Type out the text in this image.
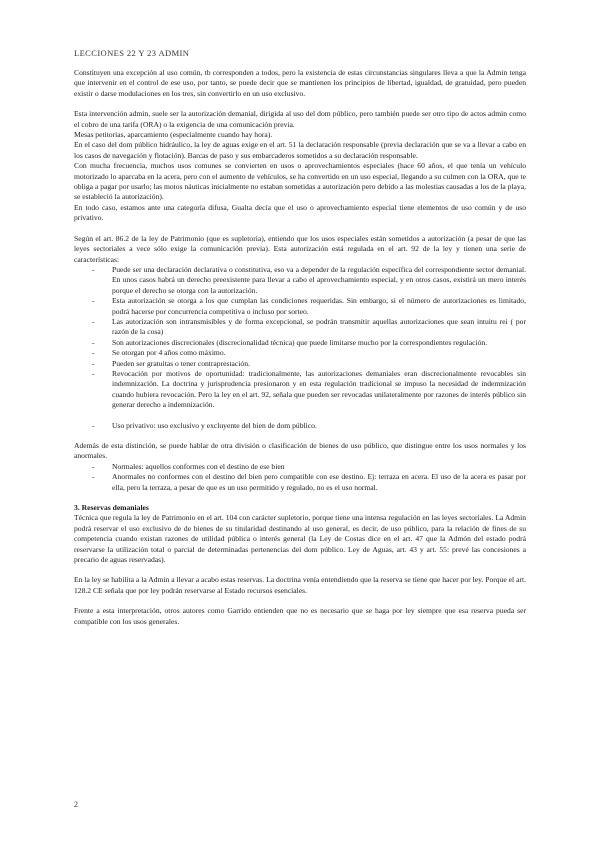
LECCIONES 22 Y 23 ADMIN

Constituyen una excepción al uso común, tb corresponden a todos, pero la existencia de estas circunstancias singulares lleva a que la Admin tenga que intervenir en el control de ese uso, por tanto, se puede decir que se mantienen los principios de libertad, igualdad, de gratuidad, pero pueden existir o darse modulaciones en los tres, sin convertirlo en un uso exclusivo.

Esta intervención admin, suele ser la autorización demanial, dirigida al uso del dom público, pero también puede ser otro tipo de actos admin como el cobro de una tarifa (ORA) o la exigencia de una comunicación previa.

Mesas petitorias, aparcamiento (especialmente cuando hay hora).

En el caso del dom público hidráulico, la ley de aguas exige en el art. 51 la declaración responsable (previa declaración que se va a llevar a cabo en los casos de navegación y flotación). Barcas de paso y sus embarcaderos sometidos a su declaración responsable.

Con mucha frecuencia, muchos usos comunes se convierten en usos o aprovechamientos especiales (hace 60 años, el que tenía un vehículo motorizado lo aparcaba en la acera, pero con el aumento de vehículos, se ha convertido en un uso especial, llegando a su culmen con la ORA, que te obliga a pagar por usarlo; las motos náuticas inicialmente no estaban sometidas a autorización pero debido a las molestias causadas a los de la playa, se estableció la autorización).

En todo caso, estamos ante una categoría difusa, Gualta decía que el uso o aprovechamiento especial tiene elementos de uso común y de uso privativo.

Según el art. 86.2 de la ley de Patrimonio (que es supletoria), entiendo que los usos especiales están sometidos a autorización (a pesar de que las leyes sectoriales a vece sólo exige la comunicación previa). Esta autorización está regulada en el art. 92 de la ley y tienen una serie de características:

- Puede ser una declaración declarativa o constitutiva, eso va a depender de la regulación específica del correspondiente sector demanial. En unos casos habrá un derecho preexistente para llevar a cabo el aprovechamiento especial, y en otros casos, existirá un mero interés porque el derecho se otorga con la autorización.
- Esta autorización se otorga a los que cumplan las condiciones requeridas. Sin embargo, si el número de autorizaciones es limitado, podrá hacerse por concurrencia competitiva o incluso por sorteo.
- Las autorización son intransmisibles y de forma excepcional, se podrán transmitir aquellas autorizaciones que sean intuitu rei ( por razón de la cosa)
- Son autorizaciones discrecionales (discrecionalidad técnica) que puede limitarse mucho por la correspondientes regulación.
- Se otorgan por 4 años como máximo.
- Pueden ser gratuitas o tener contraprestación.
- Revocación por motivos de oportunidad: tradicionalmente, las autorizaciones demaniales eran discrecionalmente revocables sin indemnización. La doctrina y jurisprudencia presionaron y en esta regulación tradicional se impuso la necesidad de indemnización cuando hubiera revocación. Pero la ley en el art. 92, señala que pueden ser revocadas unilateralmente por razones de interés público sin generar derecho a indemnización.
- Uso privativo: uso exclusivo y excluyente del bien de dom público.

Además de esta distinción, se puede hablar de otra división o clasificación de bienes de uso público, que distingue entre los usos normales y los anormales.

- Normales: aquellos conformes con el destino de ese bien
- Anormales no conformes con el destino del bien pero compatible con ese destino. Ej: terraza en acera. El uso de la acera es pasar por ella, pero la terraza, a pesar de que es un uso permitido y regulado, no es el uso normal.

3. Reservas demaniales

Técnica que regula la ley de Patrimonio en el art. 104 con carácter supletorio, porque tiene una intensa regulación en las leyes sectoriales. La Admin podrá reservar el uso exclusivo de de bienes de su titularidad destinando al uso general, es decir, de uso público, para la relación de fines de su competencia cuando existan razones de utilidad pública o interés general (la Ley de Costas dice en el art. 47 que la Admón del estado podrá reservarse la utilización total o parcial de determinadas pertenencias del dom público. Ley de Aguas, art. 43 y art. 55: prevé las concesiones a precario de aguas reservadas).

En la ley se habilita a la Admin a llevar a acabo estas reservas. La doctrina venía entendiendo que la reserva se tiene que hacer por ley. Porque el art. 128.2 CE señala que por ley podrán reservarse al Estado recursos esenciales.

Frente a esta interpretación, otros autores como Garrido entienden que no es necesario que se haga por ley siempre que esa reserva pueda ser compatible con los usos generales.

2
